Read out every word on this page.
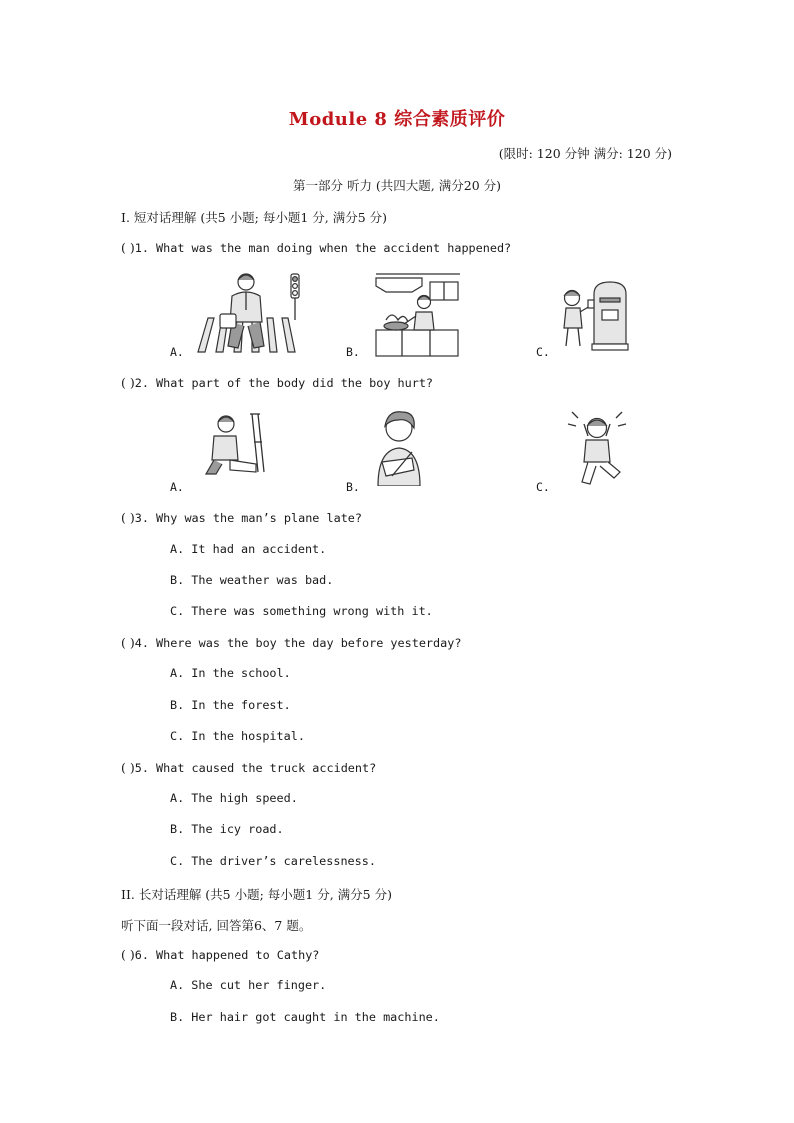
Module 8 综合素质评价
(限时: 120 分钟 满分: 120 分)
第一部分 听力 (共四大题, 满分20 分)
I. 短对话理解 (共5 小题; 每小题1 分, 满分5 分)
( )1. What was the man doing when the accident happened?
A.	B.	C.
( )2. What part of the body did the boy hurt?
A.	B.	C.
( )3. Why was the man’s plane late?
A. It had an accident.
B. The weather was bad.
C. There was something wrong with it.
( )4. Where was the boy the day before yesterday?
A. In the school.
B. In the forest.
C. In the hospital.
( )5. What caused the truck accident?
A. The high speed.
B. The icy road.
C. The driver’s carelessness.
II. 长对话理解 (共5 小题; 每小题1 分, 满分5 分)
听下面一段对话, 回答第6、7 题。
( )6. What happened to Cathy?
A. She cut her finger.
B. Her hair got caught in the machine.
